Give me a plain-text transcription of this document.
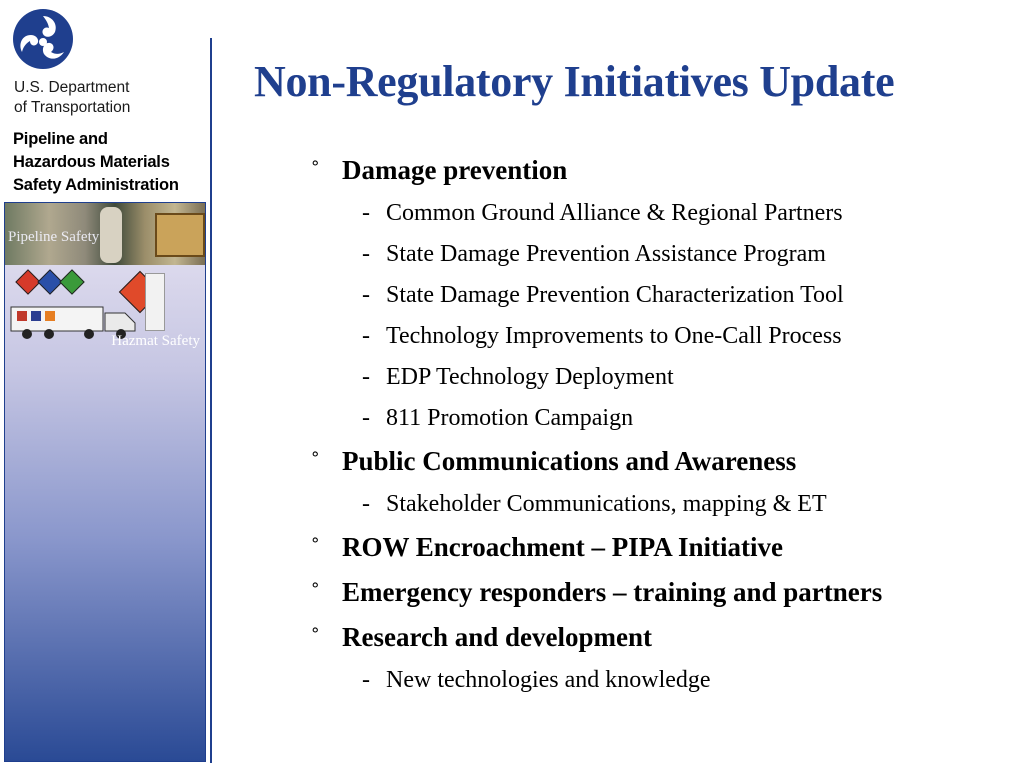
U.S. Department
of Transportation
Pipeline and
Hazardous Materials
Safety Administration
Pipeline Safety
Hazmat Safety
Non-Regulatory Initiatives Update
° Damage prevention
- Common Ground Alliance & Regional Partners
- State Damage Prevention Assistance Program
- State Damage Prevention Characterization Tool
- Technology Improvements to One-Call Process
- EDP Technology Deployment
- 811 Promotion Campaign
° Public Communications and Awareness
- Stakeholder Communications, mapping & ET
° ROW Encroachment – PIPA Initiative
° Emergency responders – training and partners
° Research and development
- New technologies and knowledge
